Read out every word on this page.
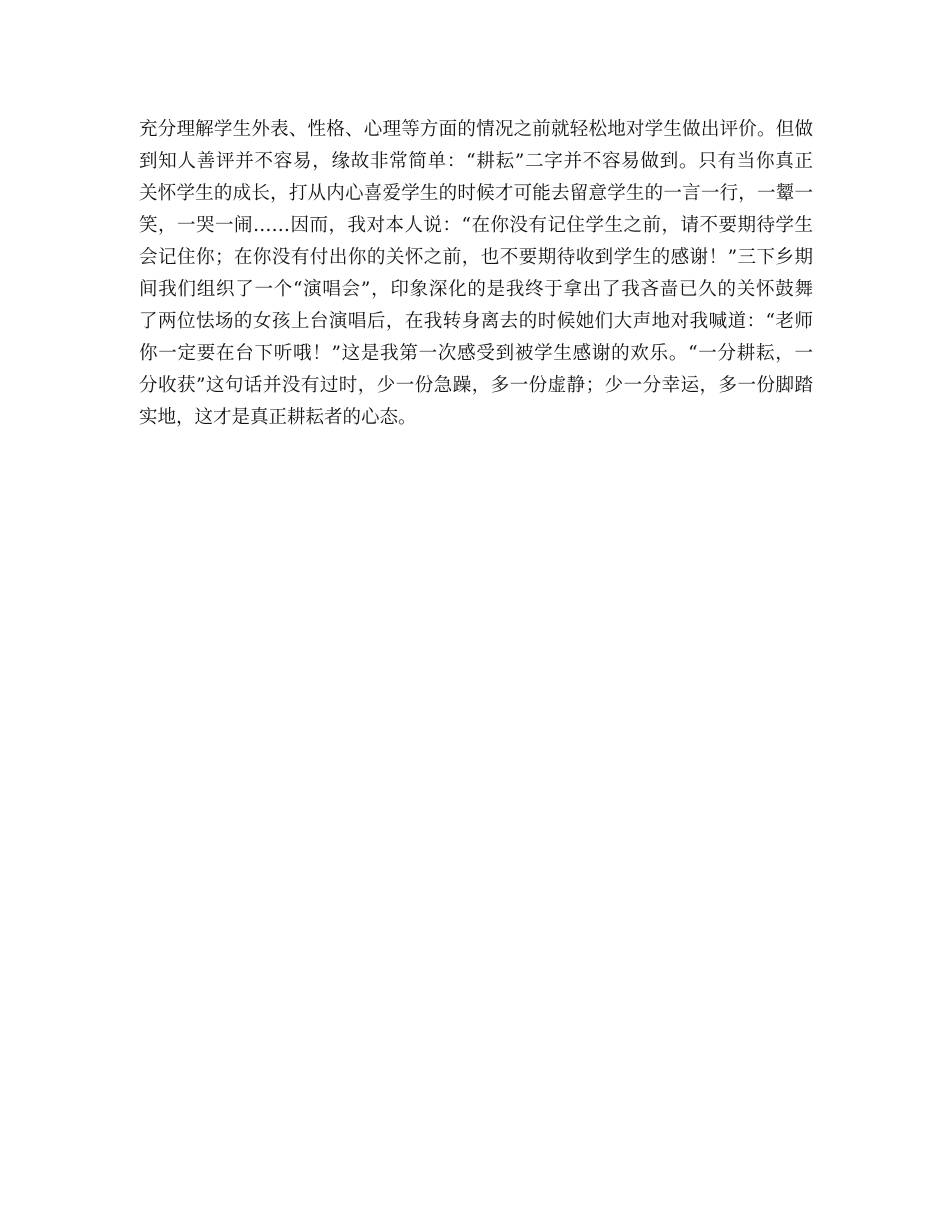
充分理解学生外表、性格、心理等方面的情况之前就轻松地对学生做出评价。但做
到知人善评并不容易，缘故非常简单：“耕耘”二字并不容易做到。只有当你真正
关怀学生的成长，打从内心喜爱学生的时候才可能去留意学生的一言一行，一颦一
笑，一哭一闹……因而，我对本人说：“在你没有记住学生之前，请不要期待学生
会记住你；在你没有付出你的关怀之前，也不要期待收到学生的感谢！”三下乡期
间我们组织了一个“演唱会”，印象深化的是我终于拿出了我吝啬已久的关怀鼓舞
了两位怯场的女孩上台演唱后，在我转身离去的时候她们大声地对我喊道：“老师
你一定要在台下听哦！”这是我第一次感受到被学生感谢的欢乐。“一分耕耘，一
分收获”这句话并没有过时，少一份急躁，多一份虚静；少一分幸运，多一份脚踏
实地，这才是真正耕耘者的心态。
